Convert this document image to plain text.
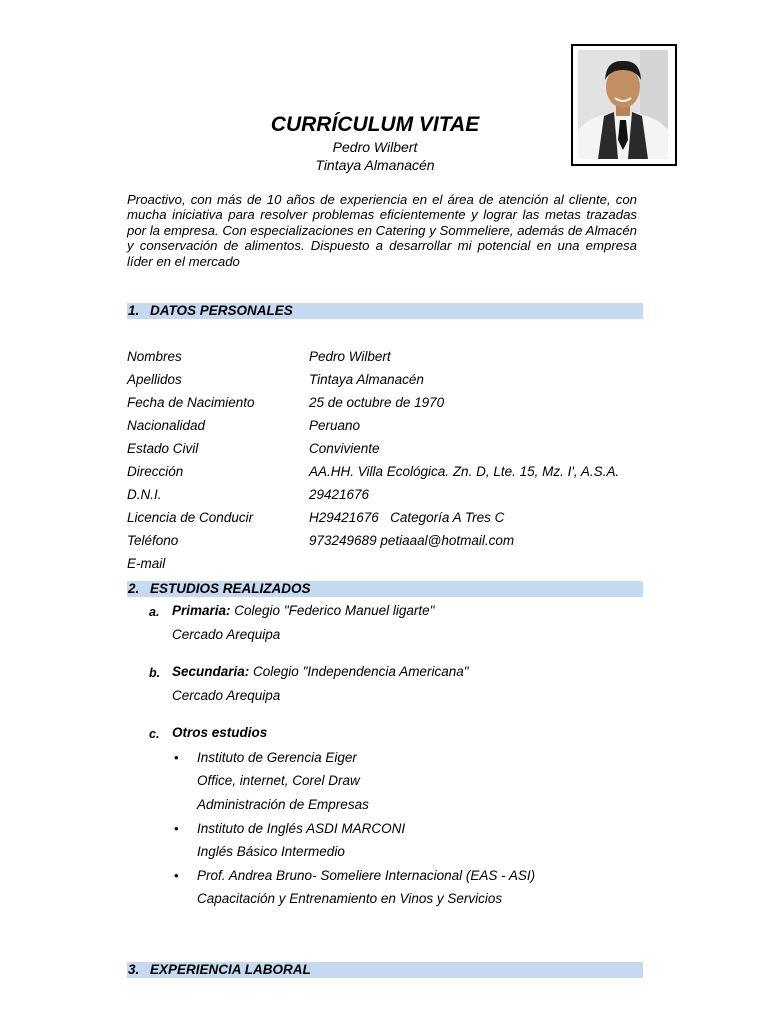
CURRÍCULUM VITAE
Pedro Wilbert
Tintaya Almanacén
Proactivo, con más de 10 años de experiencia en el área de atención al cliente, con mucha iniciativa para resolver problemas eficientemente y lograr las metas trazadas por la empresa. Con especializaciones en Catering y Sommeliere, además de Almacén y conservación de alimentos. Dispuesto a desarrollar mi potencial en una empresa líder en el mercado
1. DATOS PERSONALES
Nombres	Pedro Wilbert
Apellidos	Tintaya Almanacén
Fecha de Nacimiento	25 de octubre de 1970
Nacionalidad	Peruano
Estado Civil	Conviviente
Dirección	AA.HH. Villa Ecológica. Zn. D, Lte. 15, Mz. I', A.S.A.
D.N.I.	29421676
Licencia de Conducir	H29421676   Categoría A Tres C
Teléfono	973249689 petiaaal@hotmail.com
E-mail
2. ESTUDIOS REALIZADOS
a. Primaria: Colegio "Federico Manuel ligarte"
Cercado Arequipa
b. Secundaria: Colegio "Independencia Americana"
Cercado Arequipa
c. Otros estudios
• Instituto de Gerencia Eiger
Office, internet, Corel Draw
Administración de Empresas
• Instituto de Inglés ASDI MARCONI
Inglés Básico Intermedio
• Prof. Andrea Bruno- Someliere Internacional (EAS - ASI)
Capacitación y Entrenamiento en Vinos y Servicios
3. EXPERIENCIA LABORAL
